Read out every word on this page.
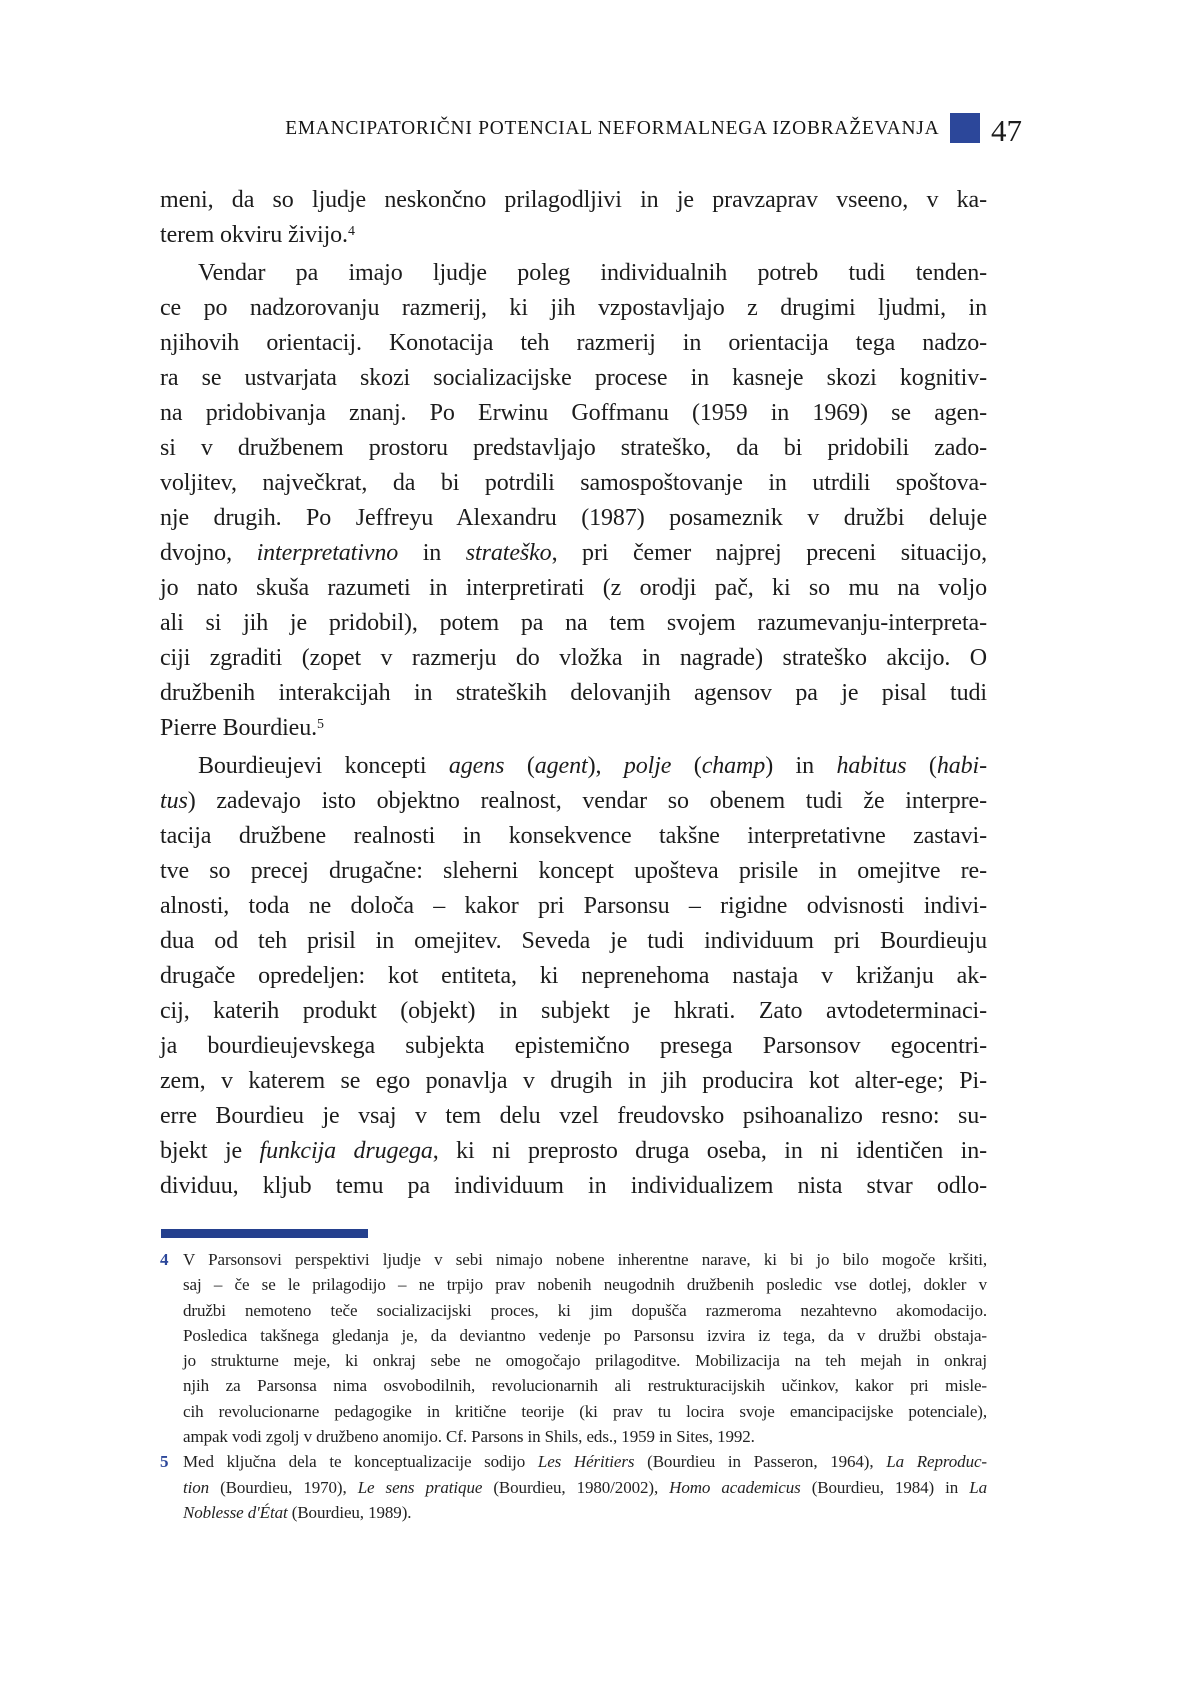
EMANCIPATORIČNI POTENCIAL NEFORMALNEGA IZOBRAŽEVANJA 47
meni, da so ljudje neskončno prilagodljivi in je pravzaprav vseeno, v ka-
terem okviru živijo.$^4$
Vendar pa imajo ljudje poleg individualnih potreb tudi tenden-
ce po nadzorovanju razmerij, ki jih vzpostavljajo z drugimi ljudmi, in
njihovih orientacij. Konotacija teh razmerij in orientacija tega nadzo-
ra se ustvarjata skozi socializacijske procese in kasneje skozi kognitiv-
na pridobivanja znanj. Po Erwinu Goffmanu (1959 in 1969) se agen-
si v družbenem prostoru predstavljajo strateško, da bi pridobili zado-
voljitev, največkrat, da bi potrdili samospoštovanje in utrdili spoštova-
nje drugih. Po Jeffreyu Alexandru (1987) posameznik v družbi deluje
dvojno, interpretativno in strateško, pri čemer najprej preceni situacijo,
jo nato skuša razumeti in interpretirati (z orodji pač, ki so mu na voljo
ali si jih je pridobil), potem pa na tem svojem razumevanju-interpreta-
ciji zgraditi (zopet v razmerju do vložka in nagrade) strateško akcijo. O
družbenih interakcijah in strateških delovanjih agensov pa je pisal tudi
Pierre Bourdieu.$^5$
Bourdieujevi koncepti agens (agent), polje (champ) in habitus (habi-
tus) zadevajo isto objektno realnost, vendar so obenem tudi že interpre-
tacija družbene realnosti in konsekvence takšne interpretativne zastavi-
tve so precej drugačne: sleherni koncept upošteva prisile in omejitve re-
alnosti, toda ne določa – kakor pri Parsonsu – rigidne odvisnosti indivi-
dua od teh prisil in omejitev. Seveda je tudi individuum pri Bourdieuju
drugače opredeljen: kot entiteta, ki neprenehoma nastaja v križanju ak-
cij, katerih produkt (objekt) in subjekt je hkrati. Zato avtodeterminaci-
ja bourdieujevskega subjekta epistemično presega Parsonsov egocentri-
zem, v katerem se ego ponavlja v drugih in jih producira kot alter-ege; Pi-
erre Bourdieu je vsaj v tem delu vzel freudovsko psihoanalizo resno: su-
bjekt je funkcija drugega, ki ni preprosto druga oseba, in ni identičen in-
dividuu, kljub temu pa individuum in individualizem nista stvar odlo-
4 V Parsonsovi perspektivi ljudje v sebi nimajo nobene inherentne narave, ki bi jo bilo mogoče kršiti,
saj – če se le prilagodijo – ne trpijo prav nobenih neugodnih družbenih posledic vse dotlej, dokler v
družbi nemoteno teče socializacijski proces, ki jim dopušča razmeroma nezahtevno akomodacijo.
Posledica takšnega gledanja je, da deviantno vedenje po Parsonsu izvira iz tega, da v družbi obstaja-
jo strukturne meje, ki onkraj sebe ne omogočajo prilagoditve. Mobilizacija na teh mejah in onkraj
njih za Parsonsa nima osvobodilnih, revolucionarnih ali restrukturacijskih učinkov, kakor pri misle-
cih revolucionarne pedagogike in kritične teorije (ki prav tu locira svoje emancipacijske potenciale),
ampak vodi zgolj v družbeno anomijo. Cf. Parsons in Shils, eds., 1959 in Sites, 1992.
5 Med ključna dela te konceptualizacije sodijo Les Héritiers (Bourdieu in Passeron, 1964), La Reproduc-
tion (Bourdieu, 1970), Le sens pratique (Bourdieu, 1980/2002), Homo academicus (Bourdieu, 1984) in La
Noblesse d'État (Bourdieu, 1989).
